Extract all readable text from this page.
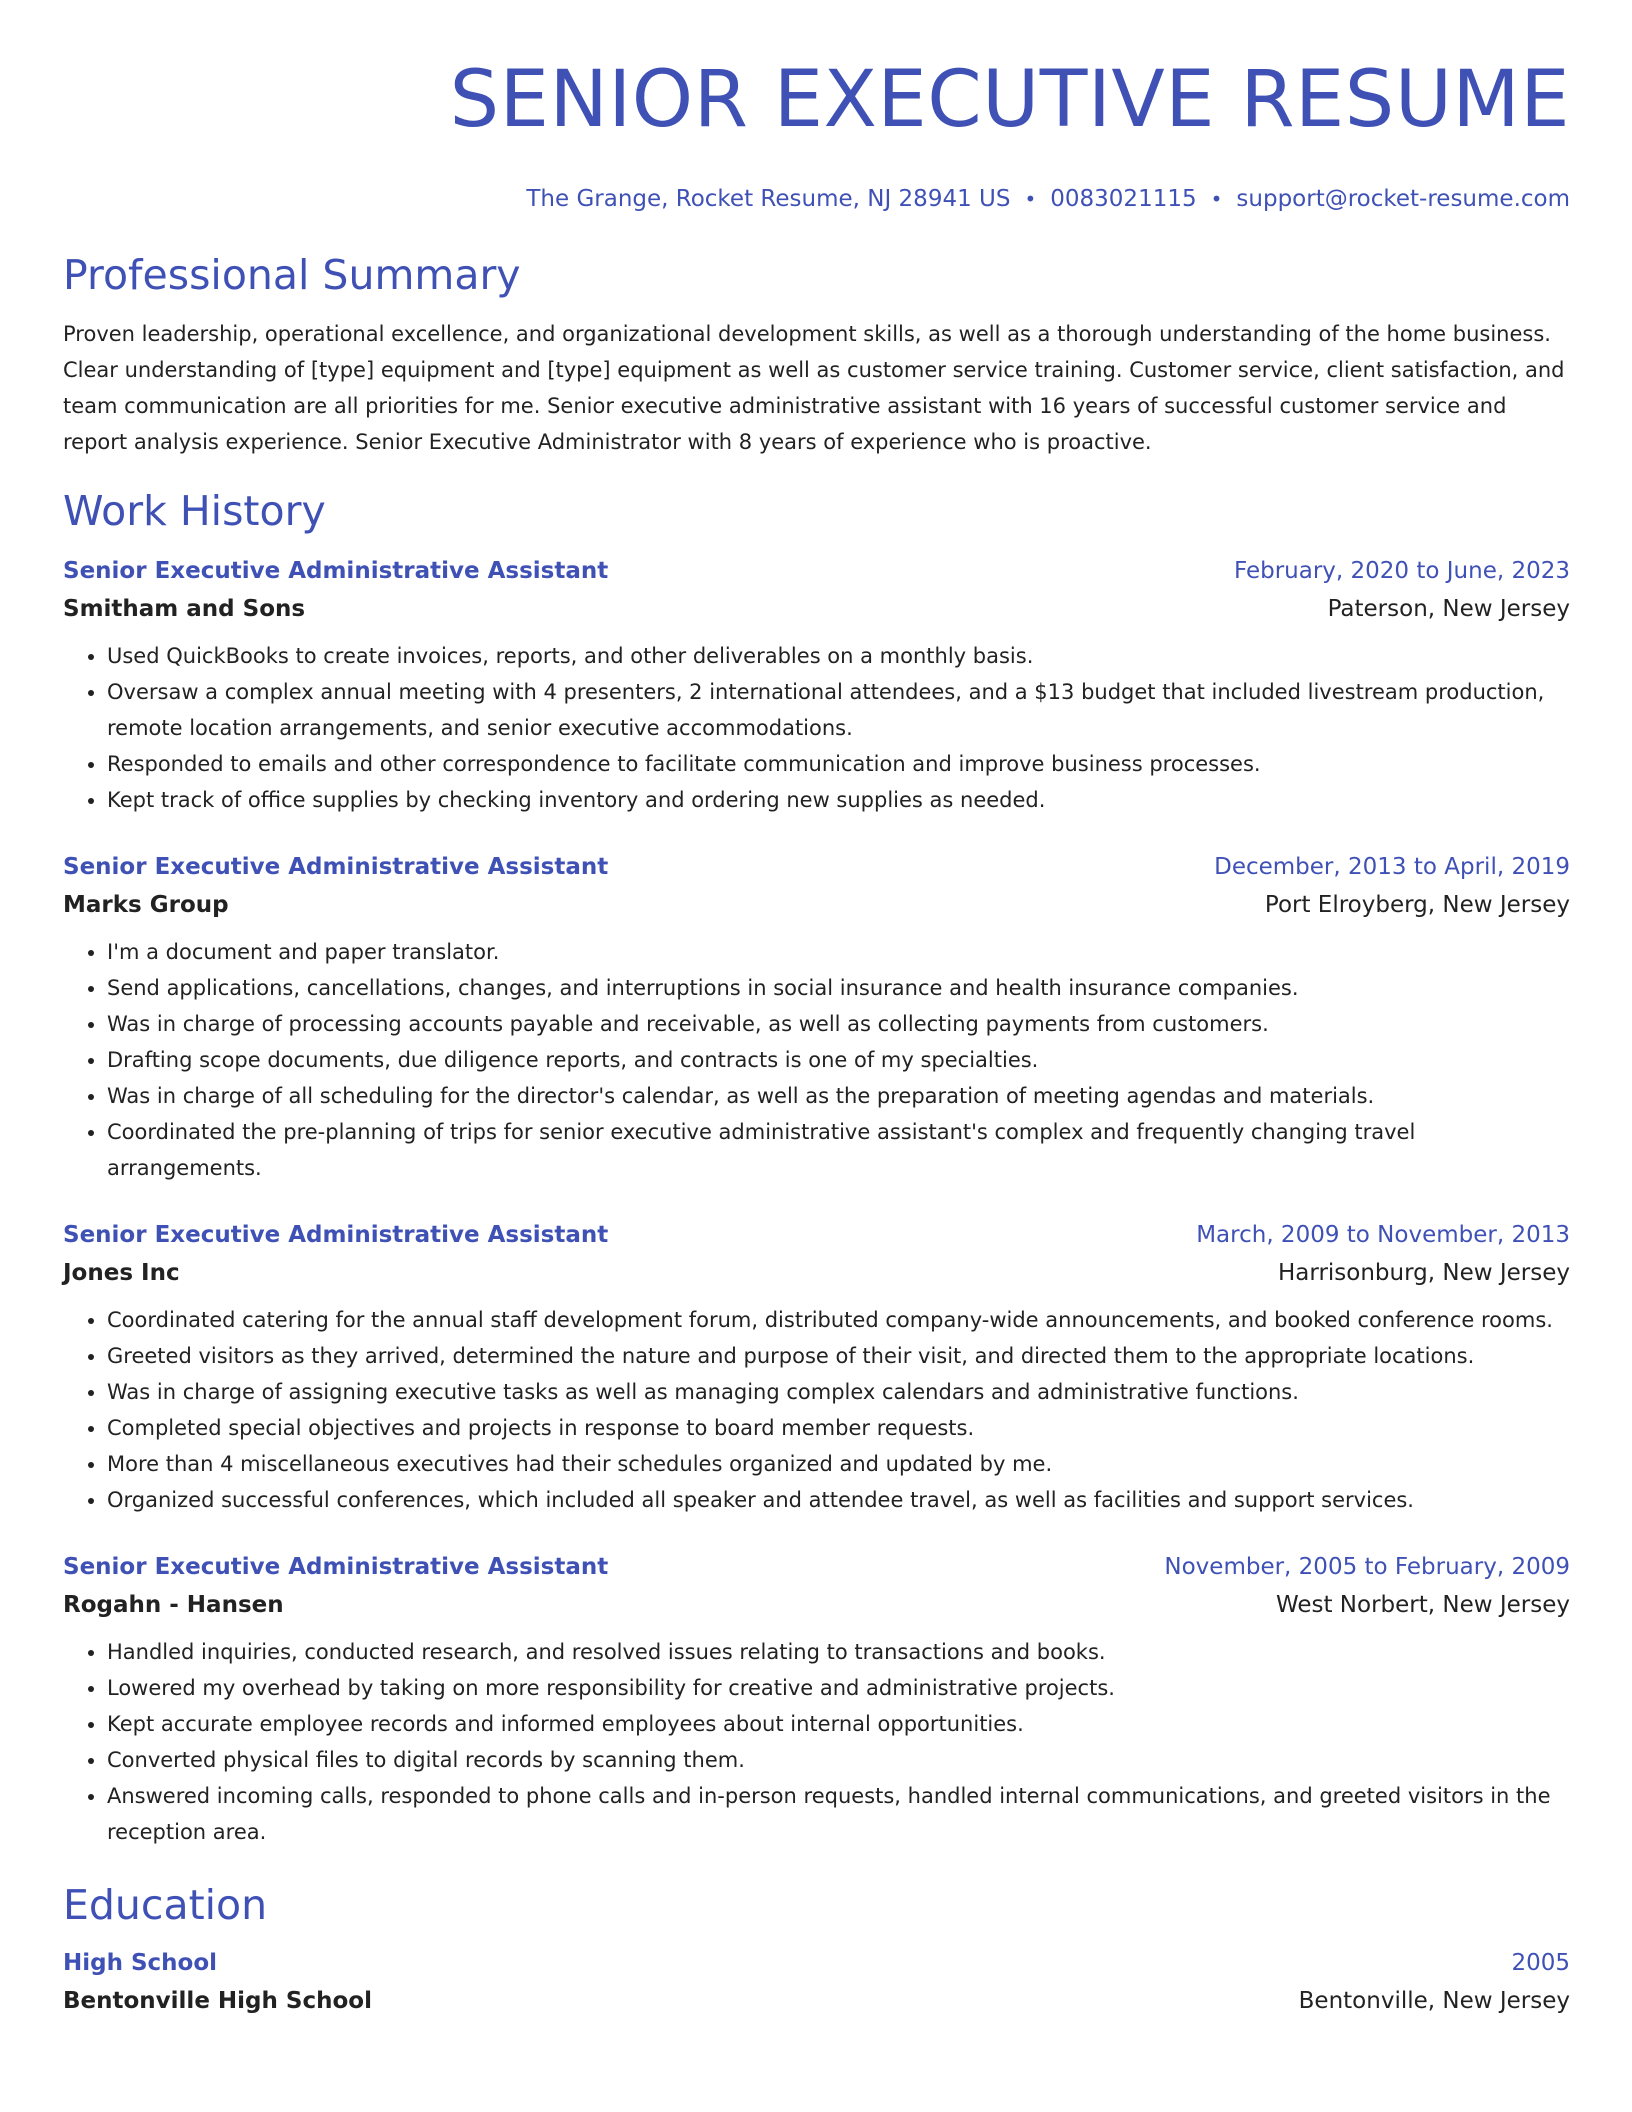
SENIOR EXECUTIVE RESUME
The Grange, Rocket Resume, NJ 28941 US • 0083021115 • support@rocket-resume.com
Professional Summary
Proven leadership, operational excellence, and organizational development skills, as well as a thorough understanding of the home business. Clear understanding of [type] equipment and [type] equipment as well as customer service training. Customer service, client satisfaction, and team communication are all priorities for me. Senior executive administrative assistant with 16 years of successful customer service and report analysis experience. Senior Executive Administrator with 8 years of experience who is proactive.
Work History
Senior Executive Administrative Assistant	February, 2020 to June, 2023
Smitham and Sons	Paterson, New Jersey
• Used QuickBooks to create invoices, reports, and other deliverables on a monthly basis.
• Oversaw a complex annual meeting with 4 presenters, 2 international attendees, and a $13 budget that included livestream production, remote location arrangements, and senior executive accommodations.
• Responded to emails and other correspondence to facilitate communication and improve business processes.
• Kept track of office supplies by checking inventory and ordering new supplies as needed.
Senior Executive Administrative Assistant	December, 2013 to April, 2019
Marks Group	Port Elroyberg, New Jersey
• I'm a document and paper translator.
• Send applications, cancellations, changes, and interruptions in social insurance and health insurance companies.
• Was in charge of processing accounts payable and receivable, as well as collecting payments from customers.
• Drafting scope documents, due diligence reports, and contracts is one of my specialties.
• Was in charge of all scheduling for the director's calendar, as well as the preparation of meeting agendas and materials.
• Coordinated the pre-planning of trips for senior executive administrative assistant's complex and frequently changing travel arrangements.
Senior Executive Administrative Assistant	March, 2009 to November, 2013
Jones Inc	Harrisonburg, New Jersey
• Coordinated catering for the annual staff development forum, distributed company-wide announcements, and booked conference rooms.
• Greeted visitors as they arrived, determined the nature and purpose of their visit, and directed them to the appropriate locations.
• Was in charge of assigning executive tasks as well as managing complex calendars and administrative functions.
• Completed special objectives and projects in response to board member requests.
• More than 4 miscellaneous executives had their schedules organized and updated by me.
• Organized successful conferences, which included all speaker and attendee travel, as well as facilities and support services.
Senior Executive Administrative Assistant	November, 2005 to February, 2009
Rogahn - Hansen	West Norbert, New Jersey
• Handled inquiries, conducted research, and resolved issues relating to transactions and books.
• Lowered my overhead by taking on more responsibility for creative and administrative projects.
• Kept accurate employee records and informed employees about internal opportunities.
• Converted physical files to digital records by scanning them.
• Answered incoming calls, responded to phone calls and in-person requests, handled internal communications, and greeted visitors in the reception area.
Education
High School	2005
Bentonville High School	Bentonville, New Jersey
